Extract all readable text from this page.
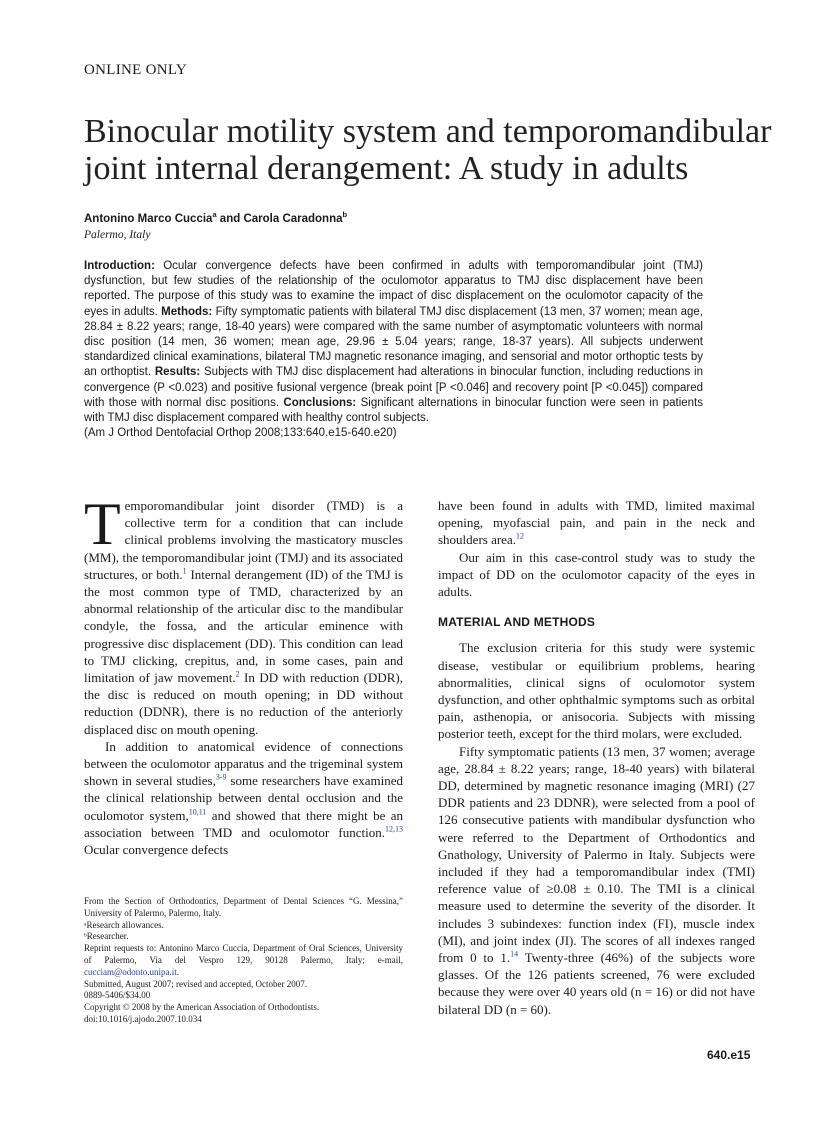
ONLINE ONLY
Binocular motility system and temporomandibular joint internal derangement: A study in adults
Antonino Marco Cuccia$^a$ and Carola Caradonna$^b$
Palermo, Italy

Introduction: Ocular convergence defects have been confirmed in adults with temporomandibular joint (TMJ) dysfunction, but few studies of the relationship of the oculomotor apparatus to TMJ disc displacement have been reported. The purpose of this study was to examine the impact of disc displacement on the oculomotor capacity of the eyes in adults. Methods: Fifty symptomatic patients with bilateral TMJ disc displacement (13 men, 37 women; mean age, 28.84 ± 8.22 years; range, 18-40 years) were compared with the same number of asymptomatic volunteers with normal disc position (14 men, 36 women; mean age, 29.96 ± 5.04 years; range, 18-37 years). All subjects underwent standardized clinical examinations, bilateral TMJ magnetic resonance imaging, and sensorial and motor orthoptic tests by an orthoptist. Results: Subjects with TMJ disc displacement had alterations in binocular function, including reductions in convergence (P <0.023) and positive fusional vergence (break point [P <0.046] and recovery point [P <0.045]) compared with those with normal disc positions. Conclusions: Significant alternations in binocular function were seen in patients with TMJ disc displacement compared with healthy control subjects.

(Am J Orthod Dentofacial Orthop 2008;133:640.e15-640.e20)

Temporomandibular joint disorder (TMD) is a collective term for a condition that can include clinical problems involving the masticatory muscles (MM), the temporomandibular joint (TMJ) and its associated structures, or both.$^1$ Internal derangement (ID) of the TMJ is the most common type of TMD, characterized by an abnormal relationship of the articular disc to the mandibular condyle, the fossa, and the articular eminence with progressive disc displacement (DD). This condition can lead to TMJ clicking, crepitus, and, in some cases, pain and limitation of jaw movement.$^2$ In DD with reduction (DDR), the disc is reduced on mouth opening; in DD without reduction (DDNR), there is no reduction of the anteriorly displaced disc on mouth opening.

In addition to anatomical evidence of connections between the oculomotor apparatus and the trigeminal system shown in several studies,$^{3-9}$ some researchers have examined the clinical relationship between dental occlusion and the oculomotor system,$^{10,11}$ and showed that there might be an association between TMD and oculomotor function.$^{12,13}$ Ocular convergence defects

From the Section of Orthodontics, Department of Dental Sciences “G. Messina,” University of Palermo, Palermo, Italy.

ᵃResearch allowances.

ᵇResearcher.

Reprint requests to: Antonino Marco Cuccia, Department of Oral Sciences, University of Palermo, Via del Vespro 129, 90128 Palermo, Italy; e-mail, cucciam@odonto.unipa.it.

Submitted, August 2007; revised and accepted, October 2007.

0889-5406/$34.00

Copyright © 2008 by the American Association of Orthodontists.

doi:10.1016/j.ajodo.2007.10.034

have been found in adults with TMD, limited maximal opening, myofascial pain, and pain in the neck and shoulders area.$^{12}$

Our aim in this case-control study was to study the impact of DD on the oculomotor capacity of the eyes in adults.

MATERIAL AND METHODS

The exclusion criteria for this study were systemic disease, vestibular or equilibrium problems, hearing abnormalities, clinical signs of oculomotor system dysfunction, and other ophthalmic symptoms such as orbital pain, asthenopia, or anisocoria. Subjects with missing posterior teeth, except for the third molars, were excluded.

Fifty symptomatic patients (13 men, 37 women; average age, 28.84 ± 8.22 years; range, 18-40 years) with bilateral DD, determined by magnetic resonance imaging (MRI) (27 DDR patients and 23 DDNR), were selected from a pool of 126 consecutive patients with mandibular dysfunction who were referred to the Department of Orthodontics and Gnathology, University of Palermo in Italy. Subjects were included if they had a temporomandibular index (TMI) reference value of ≥0.08 ± 0.10. The TMI is a clinical measure used to determine the severity of the disorder. It includes 3 subindexes: function index (FI), muscle index (MI), and joint index (JI). The scores of all indexes ranged from 0 to 1.14 Twenty-three (46%) of the subjects wore glasses. Of the 126 patients screened, 76 were excluded because they were over 40 years old (n = 16) or did not have bilateral DD (n = 60).

640.e15
